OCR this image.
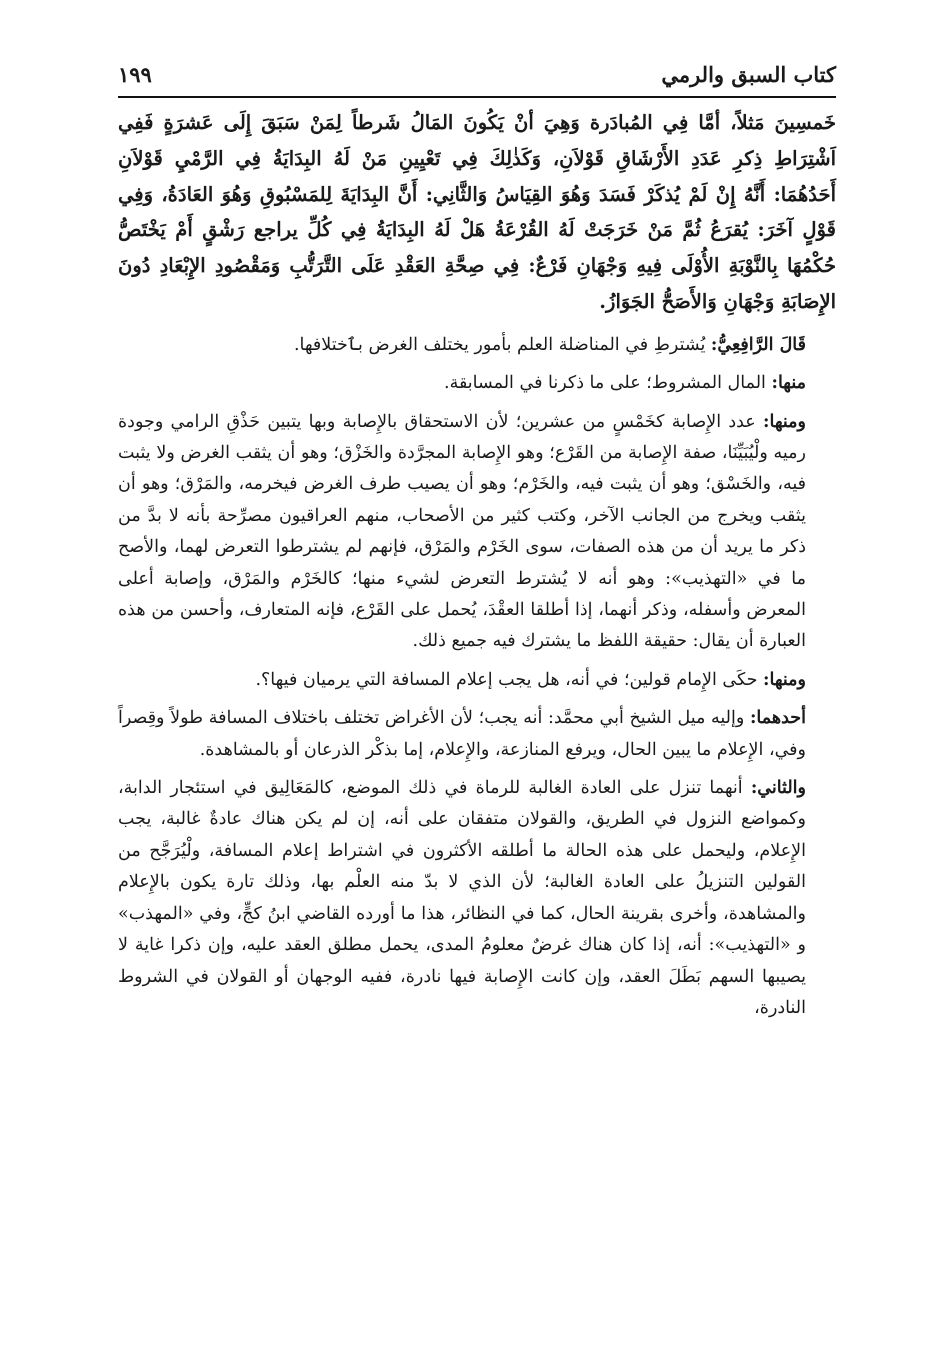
كتاب السبق والرمي
١٩٩

خَمسِينَ مَثلاً، أمَّا فِي المُبادَرة وَهِيَ أنْ يَكُونَ المَالُ شَرطاً لِمَنْ سَبَقَ إِلَى عَشرَةٍ فَفِي اَشْتِرَاطِ ذِكرِ عَدَدِ الأَرْشَاقِ قَوْلاَنِ، وَكَذٰلِكَ فِي تَعْيِينِ مَنْ لَهُ البِدَايَةُ فِي الرَّمْيِ قَوْلاَنِ أَحَدُهُمَا: أَنَّهُ إِنْ لَمْ يُذكَرْ فَسَدَ وَهُوَ القِيَاسُ وَالثَّانِي: أَنَّ البِدَايَةَ لِلمَسْبُوقِ وَهُوَ العَادَةُ، وَفِي قَوْلٍ آخَرَ: يُقرَعُ ثُمَّ مَنْ خَرَجَتْ لَهُ القُرْعَةُ هَلْ لَهُ البِدَايَةُ فِي كُلِّ يراجع رَشْقٍ أَمْ يَخْتَصُّ حُكْمُهَا بِالنَّوْبَةِ الأُوْلَى فِيهِ وَجْهَانِ فَرْعٌ: فِي صِحَّةِ العَقْدِ عَلَى التَّرَتُّبِ وَمَقْصُودِ الإِبْعَادِ دُونَ الإِصَابَةِ وَجْهَانِ وَالأَصَحُّ الجَوَازُ.

قَالَ الرَّافِعِيُّ: يُشترطِ في المناضلة العلم بأمور يختلف الغرض بٱختلافها.

منها: المال المشروط؛ على ما ذكرنا في المسابقة.

ومنها: عدد الإِصابة كخَمْسٍ من عشرين؛ لأن الاستحقاق بالإِصابة وبها يتبين حَذْقِ الرامي وجودة رميه ولْيُبَيِّنَا، صفة الإِصابة من القَرْع؛ وهو الإِصابة المجرَّدة والخَزْق؛ وهو أن يثقب الغرض ولا يثبت فيه، والخَسْق؛ وهو أن يثبت فيه، والخَرْم؛ وهو أن يصيب طرف الغرض فيخرمه، والمَرْق؛ وهو أن يثقب ويخرج من الجانب الآخر، وكتب كثير من الأصحاب، منهم العراقيون مصرِّحة بأنه لا بدَّ من ذكر ما يريد أن من هذه الصفات، سوى الخَرْم والمَرْق، فإنهم لم يشترطوا التعرض لهما، والأصح ما في «التهذيب»: وهو أنه لا يُشترط التعرض لشيء منها؛ كالخَرْم والمَرْق، وإصابة أعلى المعرض وأسفله، وذكر أنهما، إذا أطلقا العقْدَ، يُحمل على القَرْع، فإنه المتعارف، وأحسن من هذه العبارة أن يقال: حقيقة اللفظ ما يشترك فيه جميع ذلك.

ومنها: حكَى الإِمام قولين؛ في أنه، هل يجب إعلام المسافة التي يرميان فيها؟.

أحدهما: وإليه ميل الشيخ أبي محمَّد: أنه يجب؛ لأن الأغراض تختلف باختلاف المسافة طولاً وقِصراً وفي، الإِعلام ما يبين الحال، ويرفع المنازعة، والإِعلام، إما بذكْر الذرعان أو بالمشاهدة.

والثاني: أنهما تنزل على العادة الغالبة للرماة في ذلك الموضع، كالمَعَالِيق في استئجار الدابة، وكمواضع النزول في الطريق، والقولان متفقان على أنه، إن لم يكن هناك عادةٌ غالبة، يجب الإِعلام، وليحمل على هذه الحالة ما أطلقه الأكثرون في اشتراط إعلام المسافة، ولْيُرَجَّح من القولين التنزيلُ على العادة الغالبة؛ لأن الذي لا بدّ منه العلْم بها، وذلك تارة يكون بالإِعلام والمشاهدة، وأخرى بقرينة الحال، كما في النظائر، هذا ما أورده القاضي ابنُ كجٍّ، وفي «المهذب» و «التهذيب»: أنه، إذا كان هناك غرضٌ معلومُ المدى، يحمل مطلق العقد عليه، وإن ذكرا غاية لا يصيبها السهم بَطَلَ العقد، وإن كانت الإِصابة فيها نادرة، ففيه الوجهان أو القولان في الشروط النادرة،
